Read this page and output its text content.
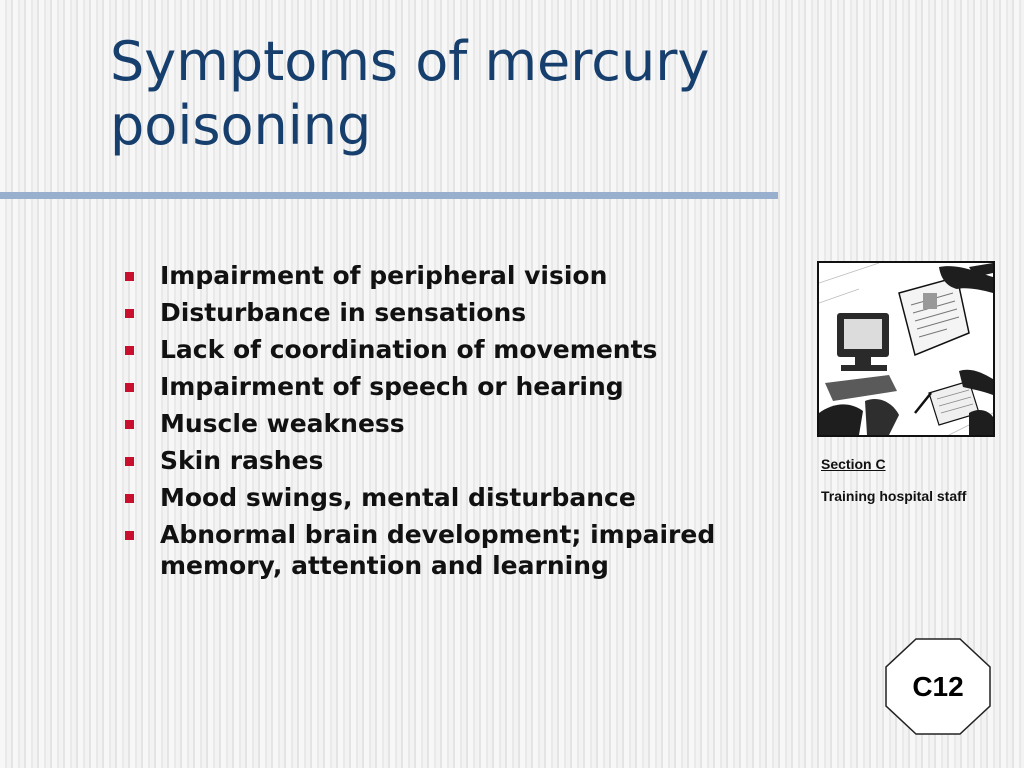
Symptoms of mercury poisoning
Impairment of peripheral vision
Disturbance in sensations
Lack of coordination of movements
Impairment of speech or hearing
Muscle weakness
Skin rashes
Mood swings, mental disturbance
Abnormal brain development; impaired memory, attention and learning
Section C
Training hospital staff
C12
